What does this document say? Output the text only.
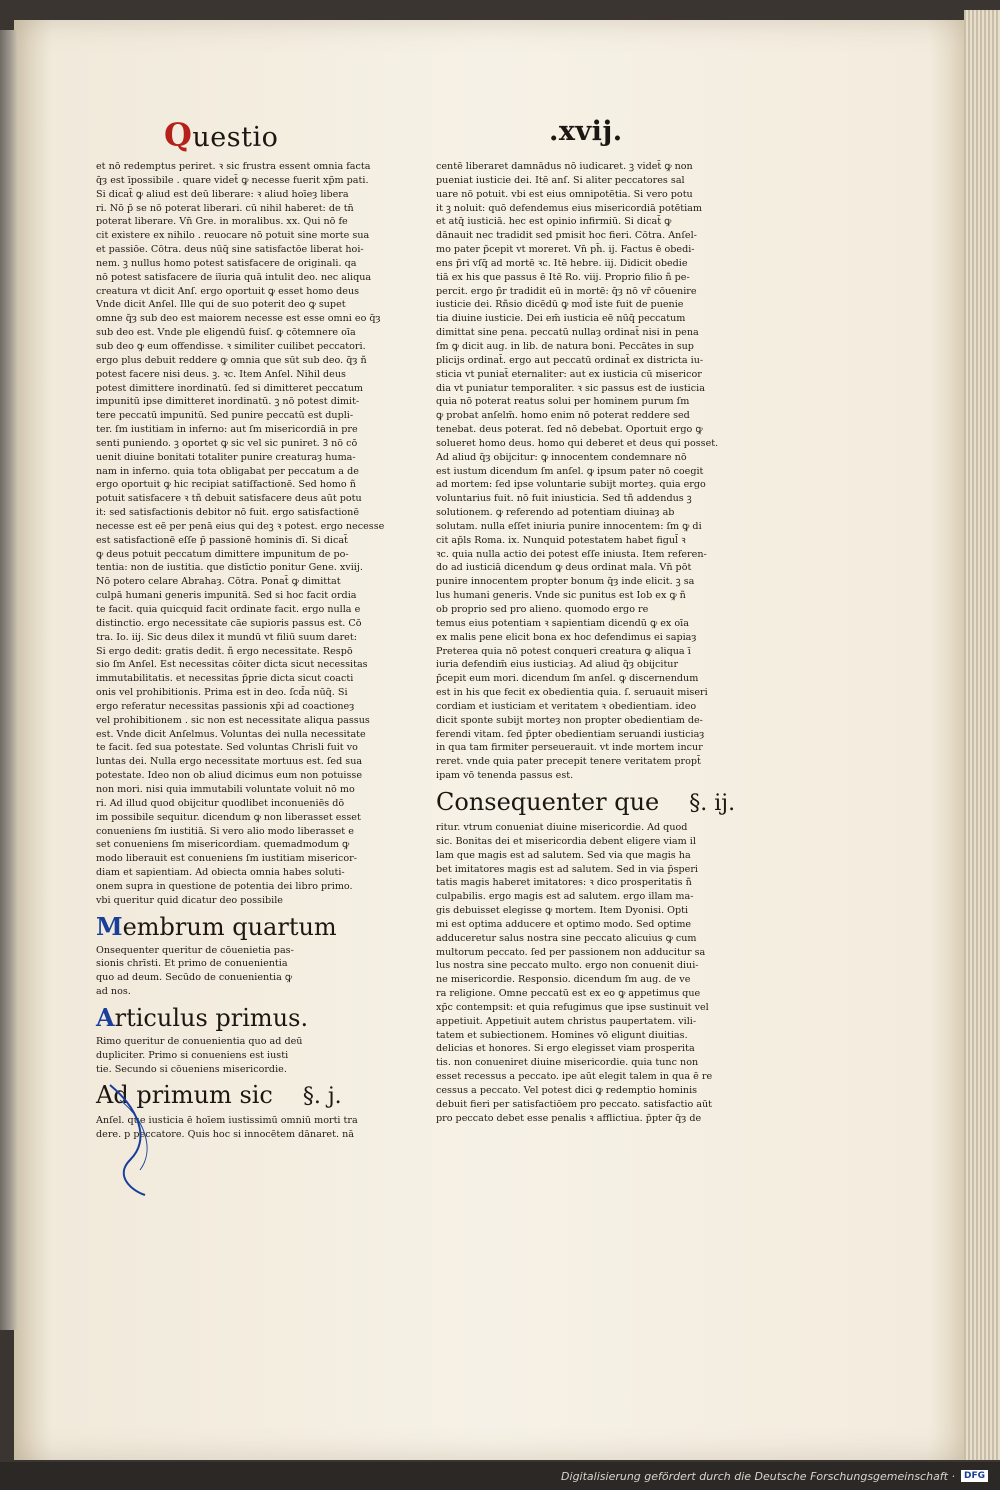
Questio	.xvij.

et nō redemptus periret. ꝛ sic frustra essent omnia facta

q̄ȝ est īpossibile . quare videt̄ ꝙ necesse fuerit xp̄m pati.

Si dicat̄ ꝙ aliud est deū liberare: ꝛ aliud hoīeȝ libera

ri. Nō p̄ se nō poterat liberari. cū nihil haberet: de tn̄

poterat liberare. Vn̄ Gre. in moralibus. xx. Qui nō fe

cit existere ex nihilo . reuocare nō potuit sine morte sua

et passiōe. Cōtra. deus nūq̄ sine satisfactōe liberat hoi-

nem. ꝫ nullus homo potest satisfacere de originali. qa

nō potest satisfacere de iīuria quā intulit deo. nec aliqua

creatura vt dicit Anſ. ergo oportuit ꝙ esset homo deus

Vnde dicit Anſel. Ille qui de suo poterit deo ꝙ supet

omne q̄ȝ sub deo est maiorem necesse est esse omni eo q̄ȝ

sub deo est. Vnde ple eligendū fuisſ. ꝙ cōtemnere oīa

sub deo ꝙ eum offendisse. ꝛ similiter cuilibet peccatori.

ergo plus debuit reddere ꝙ omnia que sūt sub deo. q̄ȝ ñ

potest facere nisi deus. ꝫ. ꝛc. Item Anſel. Nihil deus

potest dimittere inordinatū. ſed si dimitteret peccatum

impunitū ipse dimitteret inordinatū. ꝫ nō potest dimit-

tere peccatū impunitū. Sed punire peccatū est dupli-

ter. ſm iustitiam in inferno: aut ſm misericordiā in pre

senti puniendo. ꝫ oportet ꝙ sic vel sic puniret. Ꝫ nō cō

uenit diuine bonitati totaliter punire creaturaȝ huma-

nam in inferno. quia tota obligabat per peccatum a de

ergo oportuit ꝙ hic recipiat satiſfactionē. Sed homo ñ

potuit satisfacere ꝛ tñ debuit satisfacere deus aūt potu

it: sed satisfactionis debitor nō fuit. ergo satisfactionē

necesse est eē per penā eius qui deꝫ ꝛ potest. ergo necesse

est satisfactionē eſſe p̄ passionē hominis dī. Si dicat̄

ꝙ deus potuit peccatum dimittere impunitum de po-

tentia: non de iustitia. que distīctio ponitur Gene. xviij.

Nō potero celare Abrahaȝ. Cōtra. Ponat̄ ꝙ dimittat

culpā humani generis impunitā. Sed si hoc facit ordia

te facit. quia quicquid facit ordinate facit. ergo nulla e

distinctio. ergo necessitate cāe supioris passus est. Cō

tra. Io. iij. Sic deus dilex it mundū vt filiū suum daret:

Si ergo dedit: gratis dedit. ñ ergo necessitate. Respō

sio ſm Anſel. Est necessitas cōiter dicta sicut necessitas

immutabilitatis. et necessitas p̄prie dicta sicut coacti

onis vel prohibitionis. Prima est in deo. ſcd̄a nūq̄. Si

ergo referatur necessitas passionis xp̄i ad coactioneȝ

vel prohibitionem . sic non est necessitate aliqua passus

est. Vnde dicit Anſelmus. Voluntas dei nulla necessitate

te facit. ſed sua potestate. Sed voluntas Chrisli fuit vo

luntas dei. Nulla ergo necessitate mortuus est. ſed sua

potestate. Ideo non ob aliud dicimus eum non potuisse

non mori. nisi quia immutabili voluntate voluit nō mo

ri. Ad illud quod obijcitur quodlibet inconueniēs dō

im possibile sequitur. dicendum ꝙ non liberasset esset

conueniens ſm iustitiā. Si vero alio modo liberasset e

set conueniens ſm misericordiam. quemadmodum ꝙ

modo liberauit est conueniens ſm iustitiam misericor-

diam et sapientiam. Ad obiecta omnia habes soluti-

onem supra in questione de potentia dei libro primo.

vbi queritur quid dicatur deo possibile

Membrum quartum

Onsequenter queritur de cōuenietia pas-

sionis chrīsti. Et primo de conuenientia

quo ad deum. Secūdo de conuenientia ꝙ

ad nos.

Articulus primus.

Rimo queritur de conuenientia quo ad deū

dupliciter. Primo si conueniens est iusti

tie. Secundo si cōueniens misericordie.

Ad primum sic §. j.

Anſel. que iusticia ē hoīem iustissimū omniū morti tra

dere. p peccatore. Quis hoc si innocētem dānaret. nā

centē liberaret damnādus nō iudicaret. ꝫ videt̄ ꝙ non

pueniat iusticie dei. Itē anſ. Si aliter peccatores sal

uare nō potuit. vbi est eius omnipotētia. Si vero potu

it ꝫ noluit: quō defendemus eius misericordiā potētiam

et atq̄ iusticiā. hec est opinio infirmiū. Si dicat̄ ꝙ

dānauit nec tradidit sed pmisit hoc fieri. Cōtra. Anſel-

mo pater p̄cepit vt moreret. Vn̄ ph̄. ij. Factus ē obedi-

ens p̄ri vſq̄ ad mortē ꝛc. Itē hebre. iij. Didicit obedie

tiā ex his que passus ē Itē Ro. viij. Proprio filio ñ pe-

percit. ergo p̄r tradidit eū in mortē: q̄ȝ nō vr̄ cōuenire

iusticie dei. Rñsio dicēdū ꝙ mod̄ iste fuit de puenie

tia diuine iusticie. Dei em̄ iusticia eē nūq̄ peccatum

dimittat sine pena. peccatū nullaȝ ordinat̄ nisi in pena

ſm ꝙ dicit aug. in lib. de natura boni. Peccātes in sup

plicijs ordinat̄. ergo aut peccatū ordinat̄ ex districta iu-

sticia vt puniat̄ eternaliter: aut ex iusticia cū misericor

dia vt puniatur temporaliter. ꝛ sic passus est de iusticia

quia nō poterat reatus solui per hominem purum ſm

ꝙ probat anſelm̄. homo enim nō poterat reddere sed

tenebat. deus poterat. ſed nō debebat. Oportuit ergo ꝙ

solueret homo deus. homo qui deberet et deus qui posset.

Ad aliud q̄ȝ obijcitur: ꝙ innocentem condemnare nō

est iustum dicendum ſm anſel. ꝙ ipsum pater nō coegit

ad mortem: ſed ipse voluntarie subijt morteȝ. quia ergo

voluntarius fuit. nō fuit iniusticia. Sed tñ addendus ꝫ

solutionem. ꝙ referendo ad potentiam diuinaȝ ab

solutam. nulla eſſet iniuria punire innocentem: ſm ꝙ di

cit ap̄ls Roma. ix. Nunquid potestatem habet figul̄ ꝛ

ꝛc. quia nulla actio dei potest eſſe iniusta. Item referen-

do ad iusticiā dicendum ꝙ deus ordinat mala. Vn̄ pōt

punire innocentem propter bonum q̄ȝ inde elicit. ꝫ sa

lus humani generis. Vnde sic punitus est Iob ex ꝙ ñ

ob proprio sed pro alieno. quomodo ergo re

temus eius potentiam ꝛ sapientiam dicendū ꝙ ex oīa

ex malis pene elicit bona ex hoc defendimus ei sapiaȝ

Preterea quia nō potest conqueri creatura ꝙ aliqua ī

iuria defendim̄ eius iusticiaȝ. Ad aliud q̄ȝ obijcitur

p̄cepit eum mori. dicendum ſm anſel. ꝙ discernendum

est in his que fecit ex obedientia quia. ſ. seruauit miseri

cordiam et iusticiam et veritatem ꝛ obedientiam. ideo

dicit sponte subijt morteȝ non propter obedientiam de-

ferendi vitam. ſed p̄pter obedientiam seruandi iusticiaȝ

in qua tam firmiter perseuerauit. vt inde mortem incur

reret. vnde quia pater precepit tenere veritatem propt̄

ipam vō tenenda passus est.

Consequenter que §. ij.

ritur. vtrum conueniat diuine misericordie. Ad quod

sic. Bonitas dei et misericordia debent eligere viam il

lam que magis est ad salutem. Sed via que magis ha

bet imitatores magis est ad salutem. Sed in via p̄speri

tatis magis haberet imitatores: ꝛ dico prosperitatis ñ

culpabilis. ergo magis est ad salutem. ergo illam ma-

gis debuisset elegisse ꝙ mortem. Item Dyonisi. Opti

mi est optima adducere et optimo modo. Sed optime

adduceretur salus nostra sine peccato alicuius ꝙ cum

multorum peccato. ſed per passionem non adducitur sa

lus nostra sine peccato multo. ergo non conuenit diui-

ne misericordie. Responsio. dicendum ſm aug. de ve

ra religione. Omne peccatū est ex eo ꝙ appetimus que

xp̄c contempsit: et quia refugimus que ipse sustinuit vel

appetiuit. Appetiuit autem christus paupertatem. vili-

tatem et subiectionem. Homines vō eligunt diuitias.

delicias et honores. Si ergo elegisset viam prosperita

tis. non conueniret diuine misericordie. quia tunc non

esset recessus a peccato. ipe aūt elegit talem in qua ē re

cessus a peccato. Vel potest dici ꝙ redemptio hominis

debuit fieri per satisfactiōem pro peccato. satisfactio aūt

pro peccato debet esse penalis ꝛ afflictiua. p̄pter q̄ȝ de

Digitalisierung gefördert durch die Deutsche Forschungsgemeinschaft ·	DFG
